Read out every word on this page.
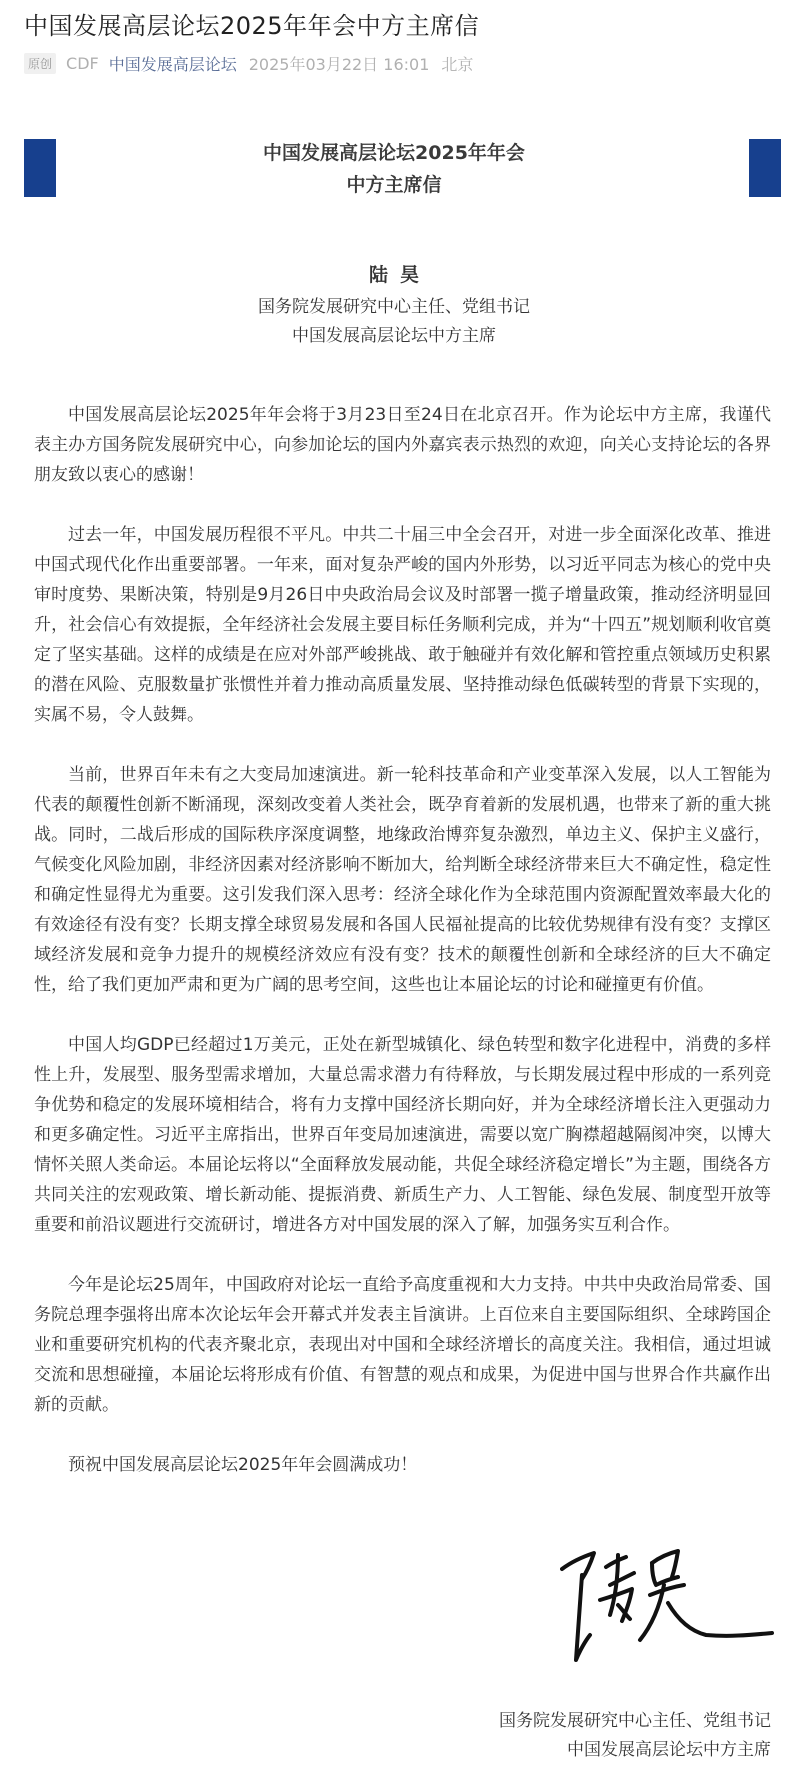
中国发展高层论坛2025年年会中方主席信
原创 CDF 中国发展高层论坛 2025年03月22日 16:01 北京
中国发展高层论坛2025年年会
中方主席信
陆昊
国务院发展研究中心主任、党组书记
中国发展高层论坛中方主席

中国发展高层论坛2025年年会将于3月23日至24日在北京召开。作为论坛中方主席，我谨代表主办方国务院发展研究中心，向参加论坛的国内外嘉宾表示热烈的欢迎，向关心支持论坛的各界朋友致以衷心的感谢！

过去一年，中国发展历程很不平凡。中共二十届三中全会召开，对进一步全面深化改革、推进中国式现代化作出重要部署。一年来，面对复杂严峻的国内外形势，以习近平同志为核心的党中央审时度势、果断决策，特别是9月26日中央政治局会议及时部署一揽子增量政策，推动经济明显回升，社会信心有效提振，全年经济社会发展主要目标任务顺利完成，并为“十四五”规划顺利收官奠定了坚实基础。这样的成绩是在应对外部严峻挑战、敢于触碰并有效化解和管控重点领域历史积累的潜在风险、克服数量扩张惯性并着力推动高质量发展、坚持推动绿色低碳转型的背景下实现的，实属不易，令人鼓舞。

当前，世界百年未有之大变局加速演进。新一轮科技革命和产业变革深入发展，以人工智能为代表的颠覆性创新不断涌现，深刻改变着人类社会，既孕育着新的发展机遇，也带来了新的重大挑战。同时，二战后形成的国际秩序深度调整，地缘政治博弈复杂激烈，单边主义、保护主义盛行，气候变化风险加剧，非经济因素对经济影响不断加大，给判断全球经济带来巨大不确定性，稳定性和确定性显得尤为重要。这引发我们深入思考：经济全球化作为全球范围内资源配置效率最大化的有效途径有没有变？长期支撑全球贸易发展和各国人民福祉提高的比较优势规律有没有变？支撑区域经济发展和竞争力提升的规模经济效应有没有变？技术的颠覆性创新和全球经济的巨大不确定性，给了我们更加严肃和更为广阔的思考空间，这些也让本届论坛的讨论和碰撞更有价值。

中国人均GDP已经超过1万美元，正处在新型城镇化、绿色转型和数字化进程中，消费的多样性上升，发展型、服务型需求增加，大量总需求潜力有待释放，与长期发展过程中形成的一系列竞争优势和稳定的发展环境相结合，将有力支撑中国经济长期向好，并为全球经济增长注入更强动力和更多确定性。习近平主席指出，世界百年变局加速演进，需要以宽广胸襟超越隔阂冲突，以博大情怀关照人类命运。本届论坛将以“全面释放发展动能，共促全球经济稳定增长”为主题，围绕各方共同关注的宏观政策、增长新动能、提振消费、新质生产力、人工智能、绿色发展、制度型开放等重要和前沿议题进行交流研讨，增进各方对中国发展的深入了解，加强务实互利合作。

今年是论坛25周年，中国政府对论坛一直给予高度重视和大力支持。中共中央政治局常委、国务院总理李强将出席本次论坛年会开幕式并发表主旨演讲。上百位来自主要国际组织、全球跨国企业和重要研究机构的代表齐聚北京，表现出对中国和全球经济增长的高度关注。我相信，通过坦诚交流和思想碰撞，本届论坛将形成有价值、有智慧的观点和成果，为促进中国与世界合作共赢作出新的贡献。

预祝中国发展高层论坛2025年年会圆满成功！

国务院发展研究中心主任、党组书记
中国发展高层论坛中方主席
